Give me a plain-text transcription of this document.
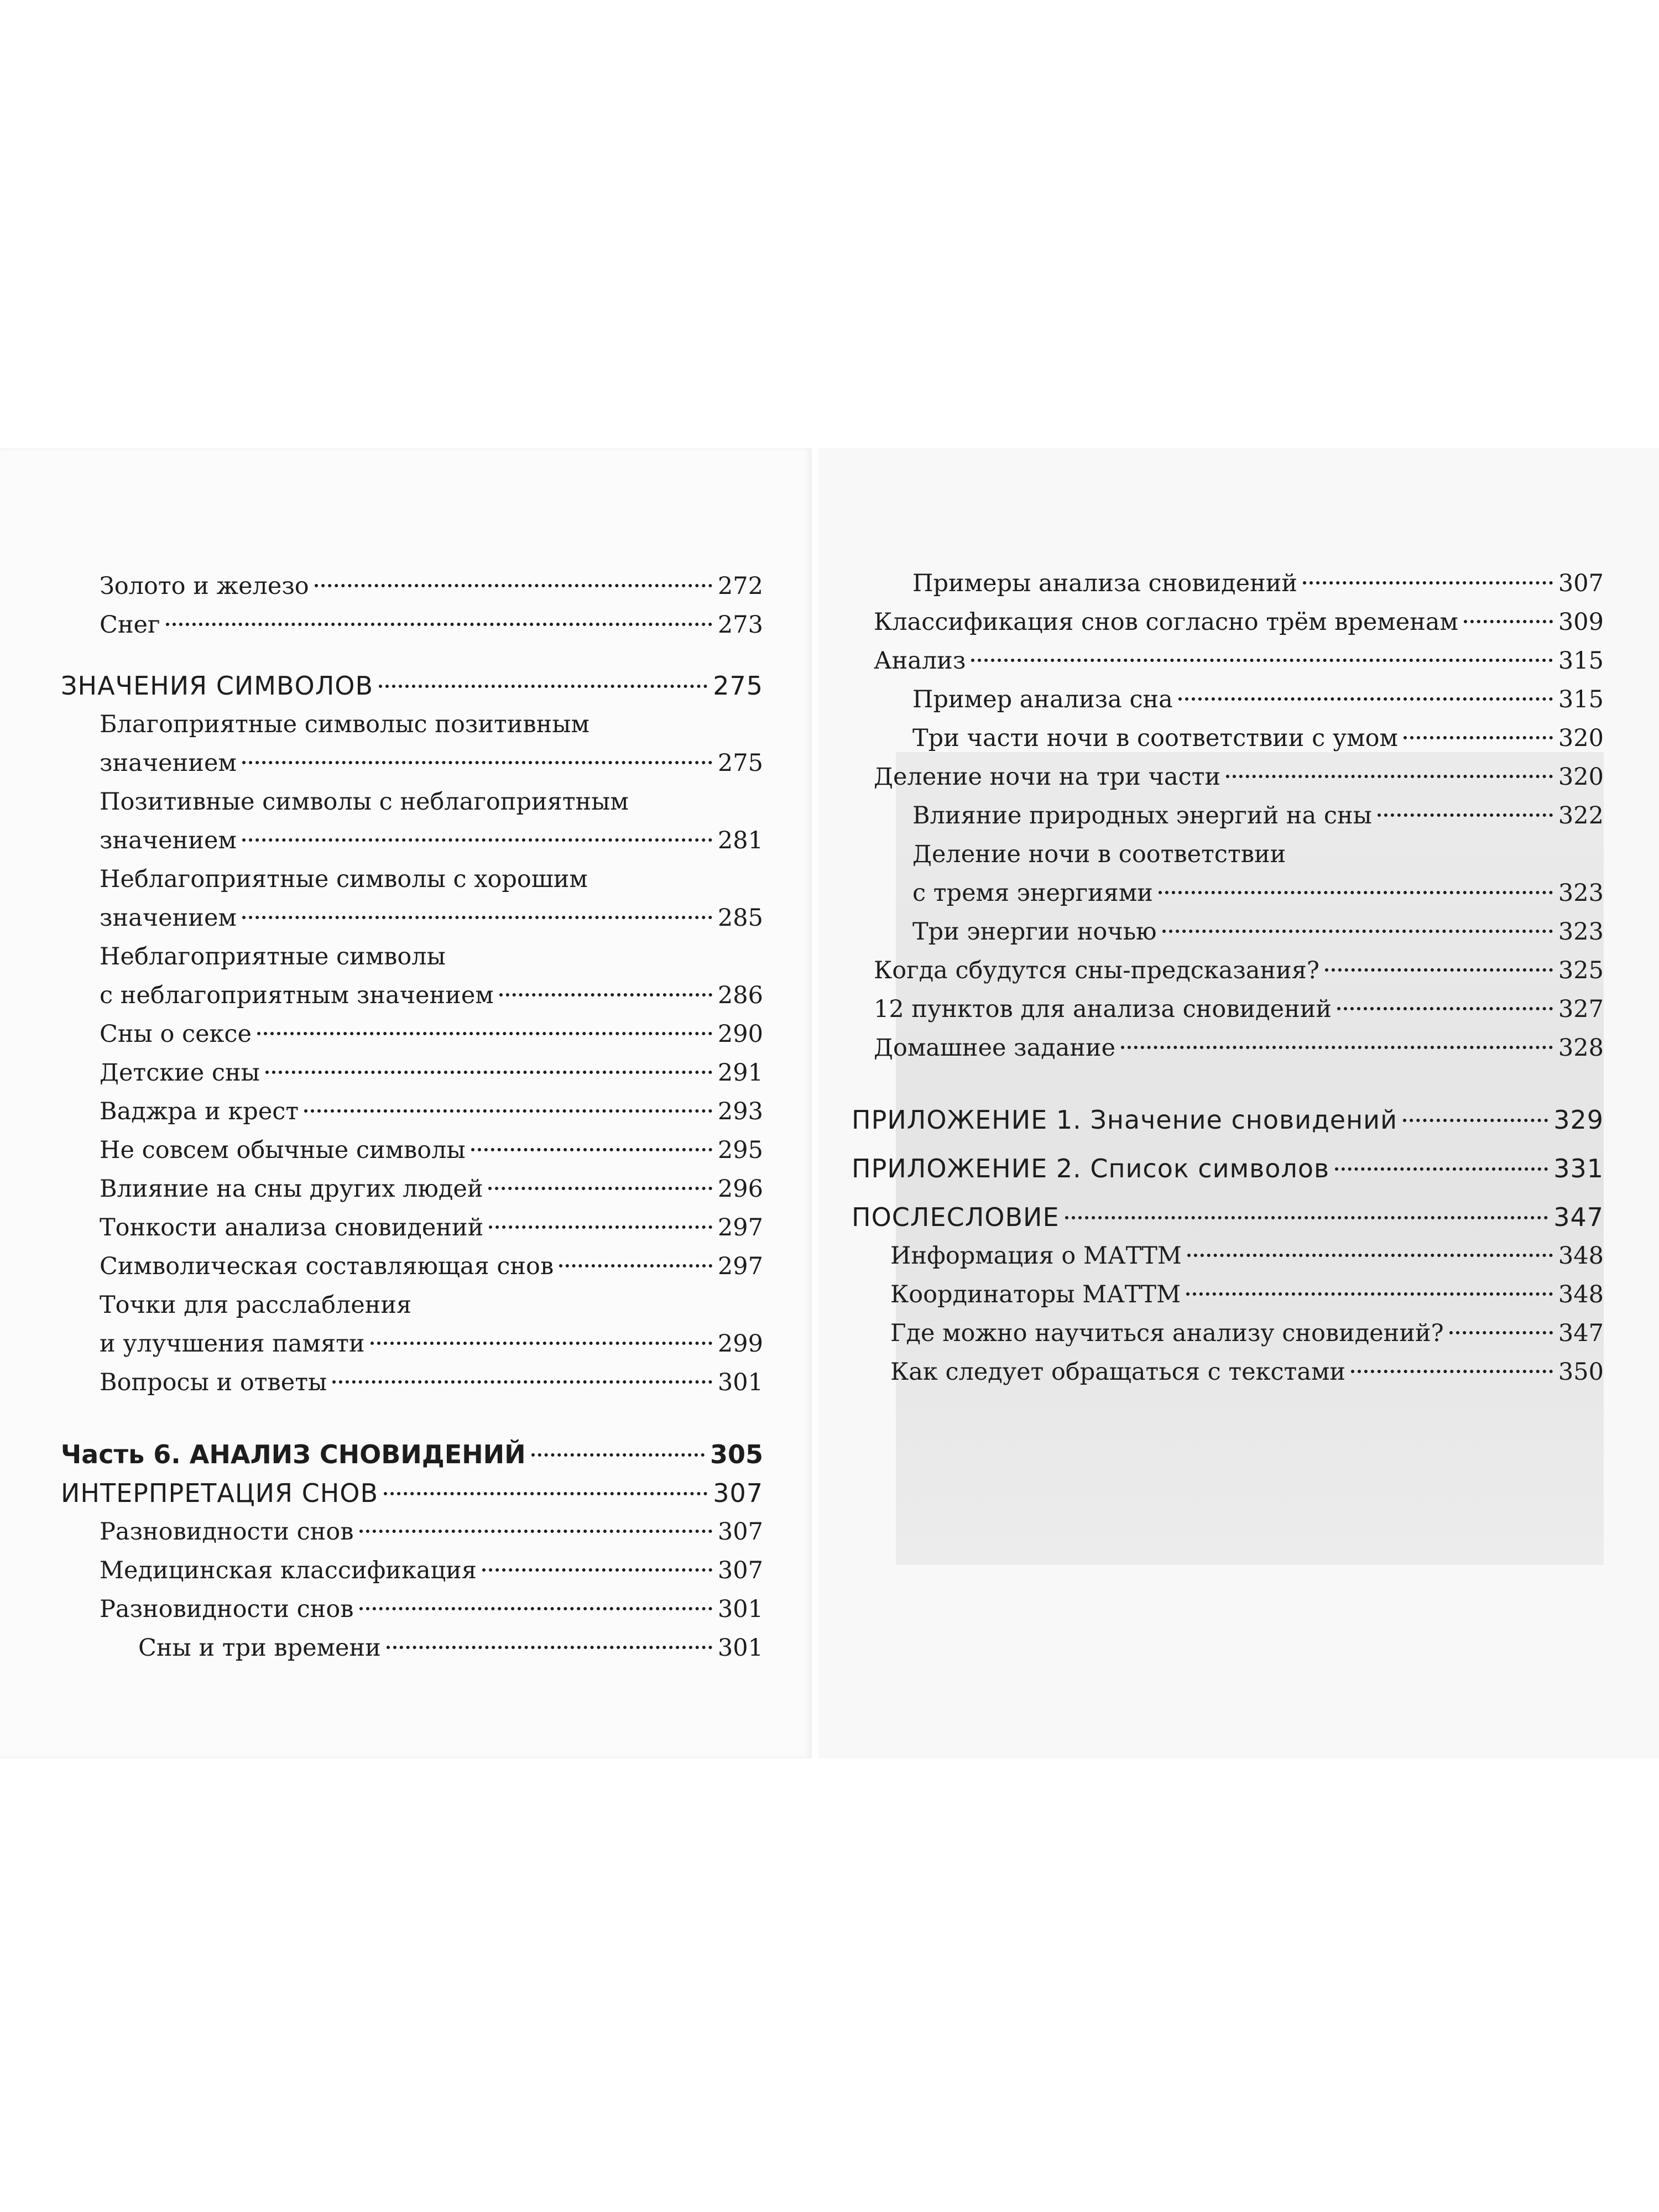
Золото и железо	272
Снег	273
ЗНАЧЕНИЯ СИМВОЛОВ	275
Благоприятные символыс позитивным
значением	275
Позитивные символы с неблагоприятным
значением	281
Неблагоприятные символы с хорошим
значением	285
Неблагоприятные символы
с неблагоприятным значением	286
Сны о сексе	290
Детские сны	291
Ваджра и крест	293
Не совсем обычные символы	295
Влияние на сны других людей	296
Тонкости анализа сновидений	297
Символическая составляющая снов	297
Точки для расслабления
и улучшения памяти	299
Вопросы и ответы	301
Часть 6. АНАЛИЗ СНОВИДЕНИЙ	305
ИНТЕРПРЕТАЦИЯ СНОВ	307
Разновидности снов	307
Медицинская классификация	307
Разновидности снов	301
Сны и три времени	301
Примеры анализа сновидений	307
Классификация снов согласно трём временам	309
Анализ	315
Пример анализа сна	315
Три части ночи в соответствии с умом	320
Деление ночи на три части	320
Влияние природных энергий на сны	322
Деление ночи в соответствии
с тремя энергиями	323
Три энергии ночью	323
Когда сбудутся сны-предсказания?	325
12 пунктов для анализа сновидений	327
Домашнее задание	328
ПРИЛОЖЕНИЕ 1. Значение сновидений	329
ПРИЛОЖЕНИЕ 2. Список символов	331
ПОСЛЕСЛОВИЕ	347
Информация о МАТТМ	348
Координаторы МАТТМ	348
Где можно научиться анализу сновидений?	347
Как следует обращаться с текстами	350
